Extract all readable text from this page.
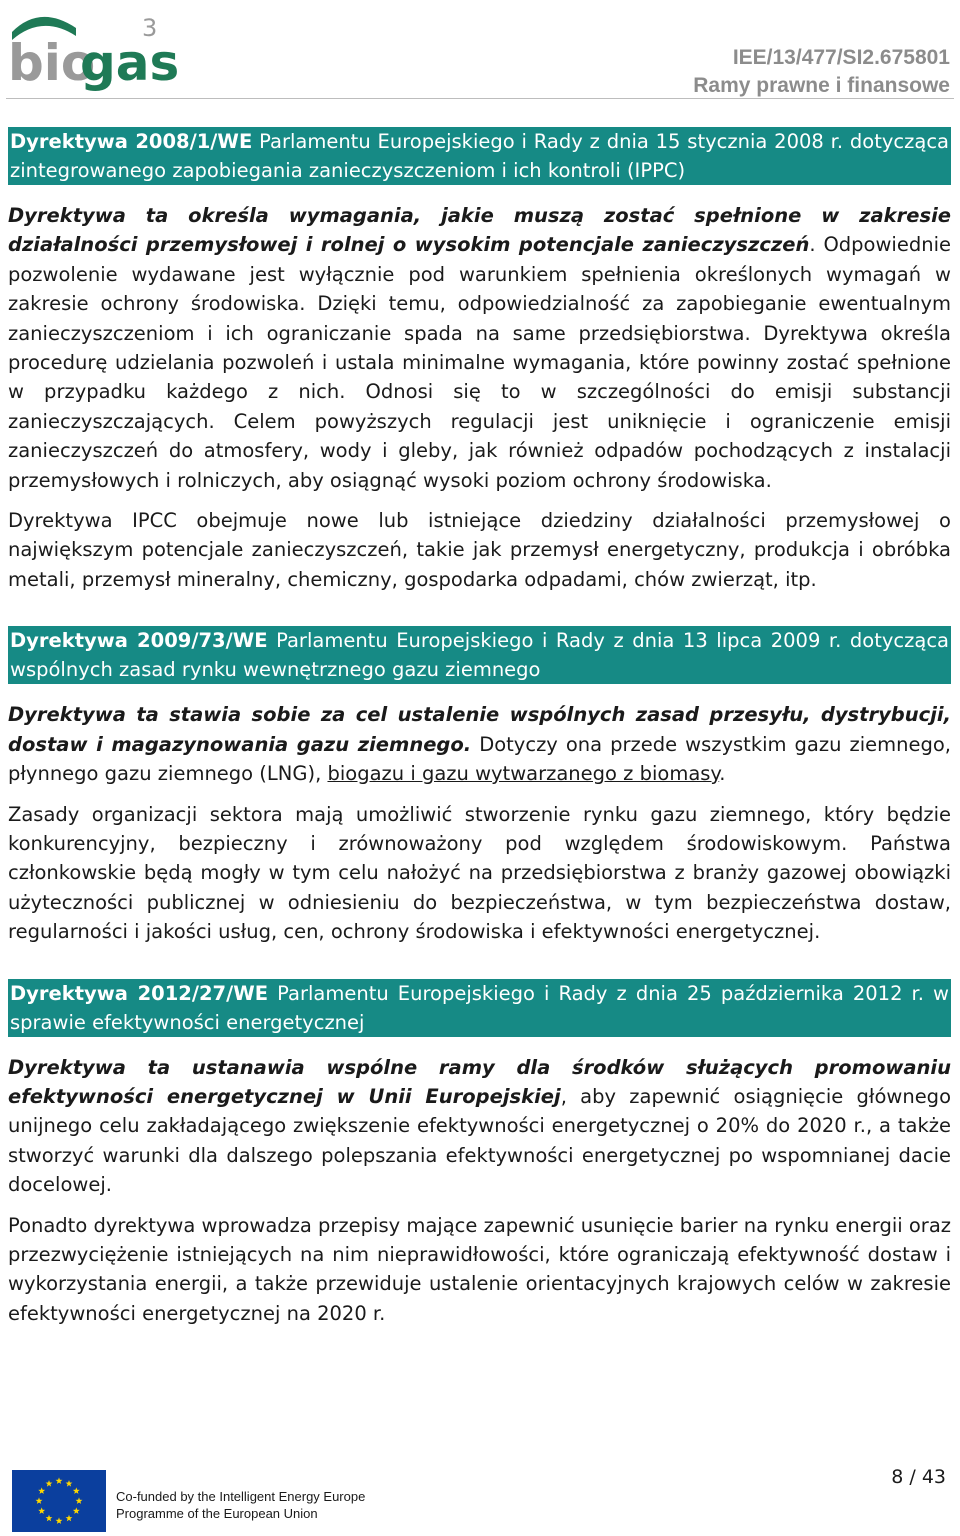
bio
gas
3
IEE/13/477/SI2.675801
Ramy prawne i finansowe
Dyrektywa 2008/1/WE Parlamentu Europejskiego i Rady z dnia 15 stycznia 2008 r. dotycząca zintegrowanego zapobiegania zanieczyszczeniom i ich kontroli (IPPC)

Dyrektywa ta określa wymagania, jakie muszą zostać spełnione w zakresie działalności przemysłowej i rolnej o wysokim potencjale zanieczyszczeń. Odpowiednie pozwolenie wydawane jest wyłącznie pod warunkiem spełnienia określonych wymagań w zakresie ochrony środowiska. Dzięki temu, odpowiedzialność za zapobieganie ewentualnym zanieczyszczeniom i ich ograniczanie spada na same przedsiębiorstwa. Dyrektywa określa procedurę udzielania pozwoleń i ustala minimalne wymagania, które powinny zostać spełnione w przypadku każdego z nich. Odnosi się to w szczególności do emisji substancji zanieczyszczających. Celem powyższych regulacji jest uniknięcie i ograniczenie emisji zanieczyszczeń do atmosfery, wody i gleby, jak również odpadów pochodzących z instalacji przemysłowych i rolniczych, aby osiągnąć wysoki poziom ochrony środowiska.

Dyrektywa IPCC obejmuje nowe lub istniejące dziedziny działalności przemysłowej o największym potencjale zanieczyszczeń, takie jak przemysł energetyczny, produkcja i obróbka metali, przemysł mineralny, chemiczny, gospodarka odpadami, chów zwierząt, itp.

Dyrektywa 2009/73/WE Parlamentu Europejskiego i Rady z dnia 13 lipca 2009 r. dotycząca wspólnych zasad rynku wewnętrznego gazu ziemnego

Dyrektywa ta stawia sobie za cel ustalenie wspólnych zasad przesyłu, dystrybucji, dostaw i magazynowania gazu ziemnego. Dotyczy ona przede wszystkim gazu ziemnego, płynnego gazu ziemnego (LNG), biogazu i gazu wytwarzanego z biomasy.

Zasady organizacji sektora mają umożliwić stworzenie rynku gazu ziemnego, który będzie konkurencyjny, bezpieczny i zrównoważony pod względem środowiskowym. Państwa członkowskie będą mogły w tym celu nałożyć na przedsiębiorstwa z branży gazowej obowiązki użyteczności publicznej w odniesieniu do bezpieczeństwa, w tym bezpieczeństwa dostaw, regularności i jakości usług, cen, ochrony środowiska i efektywności energetycznej.

Dyrektywa 2012/27/WE Parlamentu Europejskiego i Rady z dnia 25 października 2012 r. w sprawie efektywności energetycznej

Dyrektywa ta ustanawia wspólne ramy dla środków służących promowaniu efektywności energetycznej w Unii Europejskiej, aby zapewnić osiągnięcie głównego unijnego celu zakładającego zwiększenie efektywności energetycznej o 20% do 2020 r., a także stworzyć warunki dla dalszego polepszania efektywności energetycznej po wspomnianej dacie docelowej.

Ponadto dyrektywa wprowadza przepisy mające zapewnić usunięcie barier na rynku energii oraz przezwyciężenie istniejących na nim nieprawidłowości, które ograniczają efektywność dostaw i wykorzystania energii, a także przewiduje ustalenie orientacyjnych krajowych celów w zakresie efektywności energetycznej na 2020 r.

Co-funded by the Intelligent Energy Europe
Programme of the European Union
8 / 43
